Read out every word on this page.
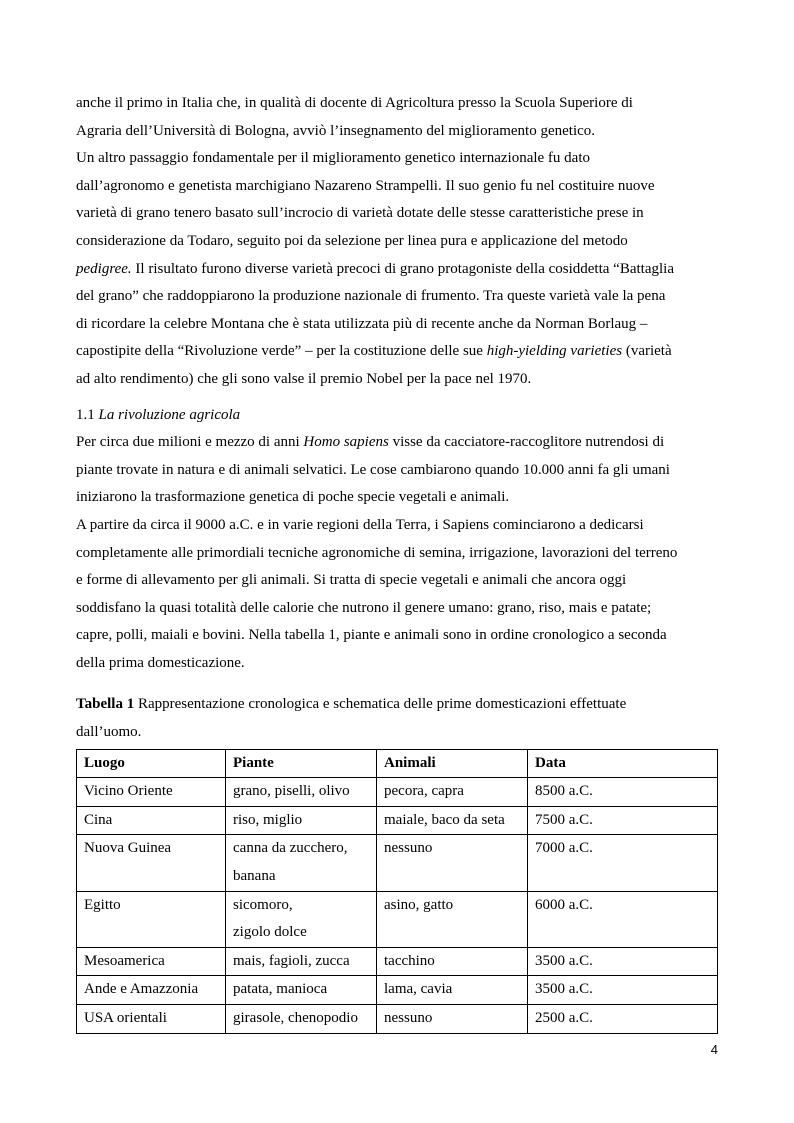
anche il primo in Italia che, in qualità di docente di Agricoltura presso la Scuola Superiore di
Agraria dell’Università di Bologna, avviò l’insegnamento del miglioramento genetico.

Un altro passaggio fondamentale per il miglioramento genetico internazionale fu dato
dall’agronomo e genetista marchigiano Nazareno Strampelli. Il suo genio fu nel costituire nuove
varietà di grano tenero basato sull’incrocio di varietà dotate delle stesse caratteristiche prese in
considerazione da Todaro, seguito poi da selezione per linea pura e applicazione del metodo
pedigree. Il risultato furono diverse varietà precoci di grano protagoniste della cosiddetta “Battaglia
del grano” che raddoppiarono la produzione nazionale di frumento. Tra queste varietà vale la pena
di ricordare la celebre Montana che è stata utilizzata più di recente anche da Norman Borlaug –
capostipite della “Rivoluzione verde” – per la costituzione delle sue high-yielding varieties (varietà
ad alto rendimento) che gli sono valse il premio Nobel per la pace nel 1970.

1.1 La rivoluzione agricola

Per circa due milioni e mezzo di anni Homo sapiens visse da cacciatore-raccoglitore nutrendosi di
piante trovate in natura e di animali selvatici. Le cose cambiarono quando 10.000 anni fa gli umani
iniziarono la trasformazione genetica di poche specie vegetali e animali.

A partire da circa il 9000 a.C. e in varie regioni della Terra, i Sapiens cominciarono a dedicarsi
completamente alle primordiali tecniche agronomiche di semina, irrigazione, lavorazioni del terreno
e forme di allevamento per gli animali. Si tratta di specie vegetali e animali che ancora oggi
soddisfano la quasi totalità delle calorie che nutrono il genere umano: grano, riso, mais e patate;
capre, polli, maiali e bovini. Nella tabella 1, piante e animali sono in ordine cronologico a seconda
della prima domesticazione.

Tabella 1 Rappresentazione cronologica e schematica delle prime domesticazioni effettuate
dall’uomo.

Luogo	Piante	Animali	Data
Vicino Oriente	grano, piselli, olivo	pecora, capra	8500 a.C.
Cina	riso, miglio	maiale, baco da seta	7500 a.C.
Nuova Guinea	canna da zucchero,
banana	nessuno	7000 a.C.
Egitto	sicomoro,
zigolo dolce	asino, gatto	6000 a.C.
Mesoamerica	mais, fagioli, zucca	tacchino	3500 a.C.
Ande e Amazzonia	patata, manioca	lama, cavia	3500 a.C.
USA orientali	girasole, chenopodio	nessuno	2500 a.C.
4
